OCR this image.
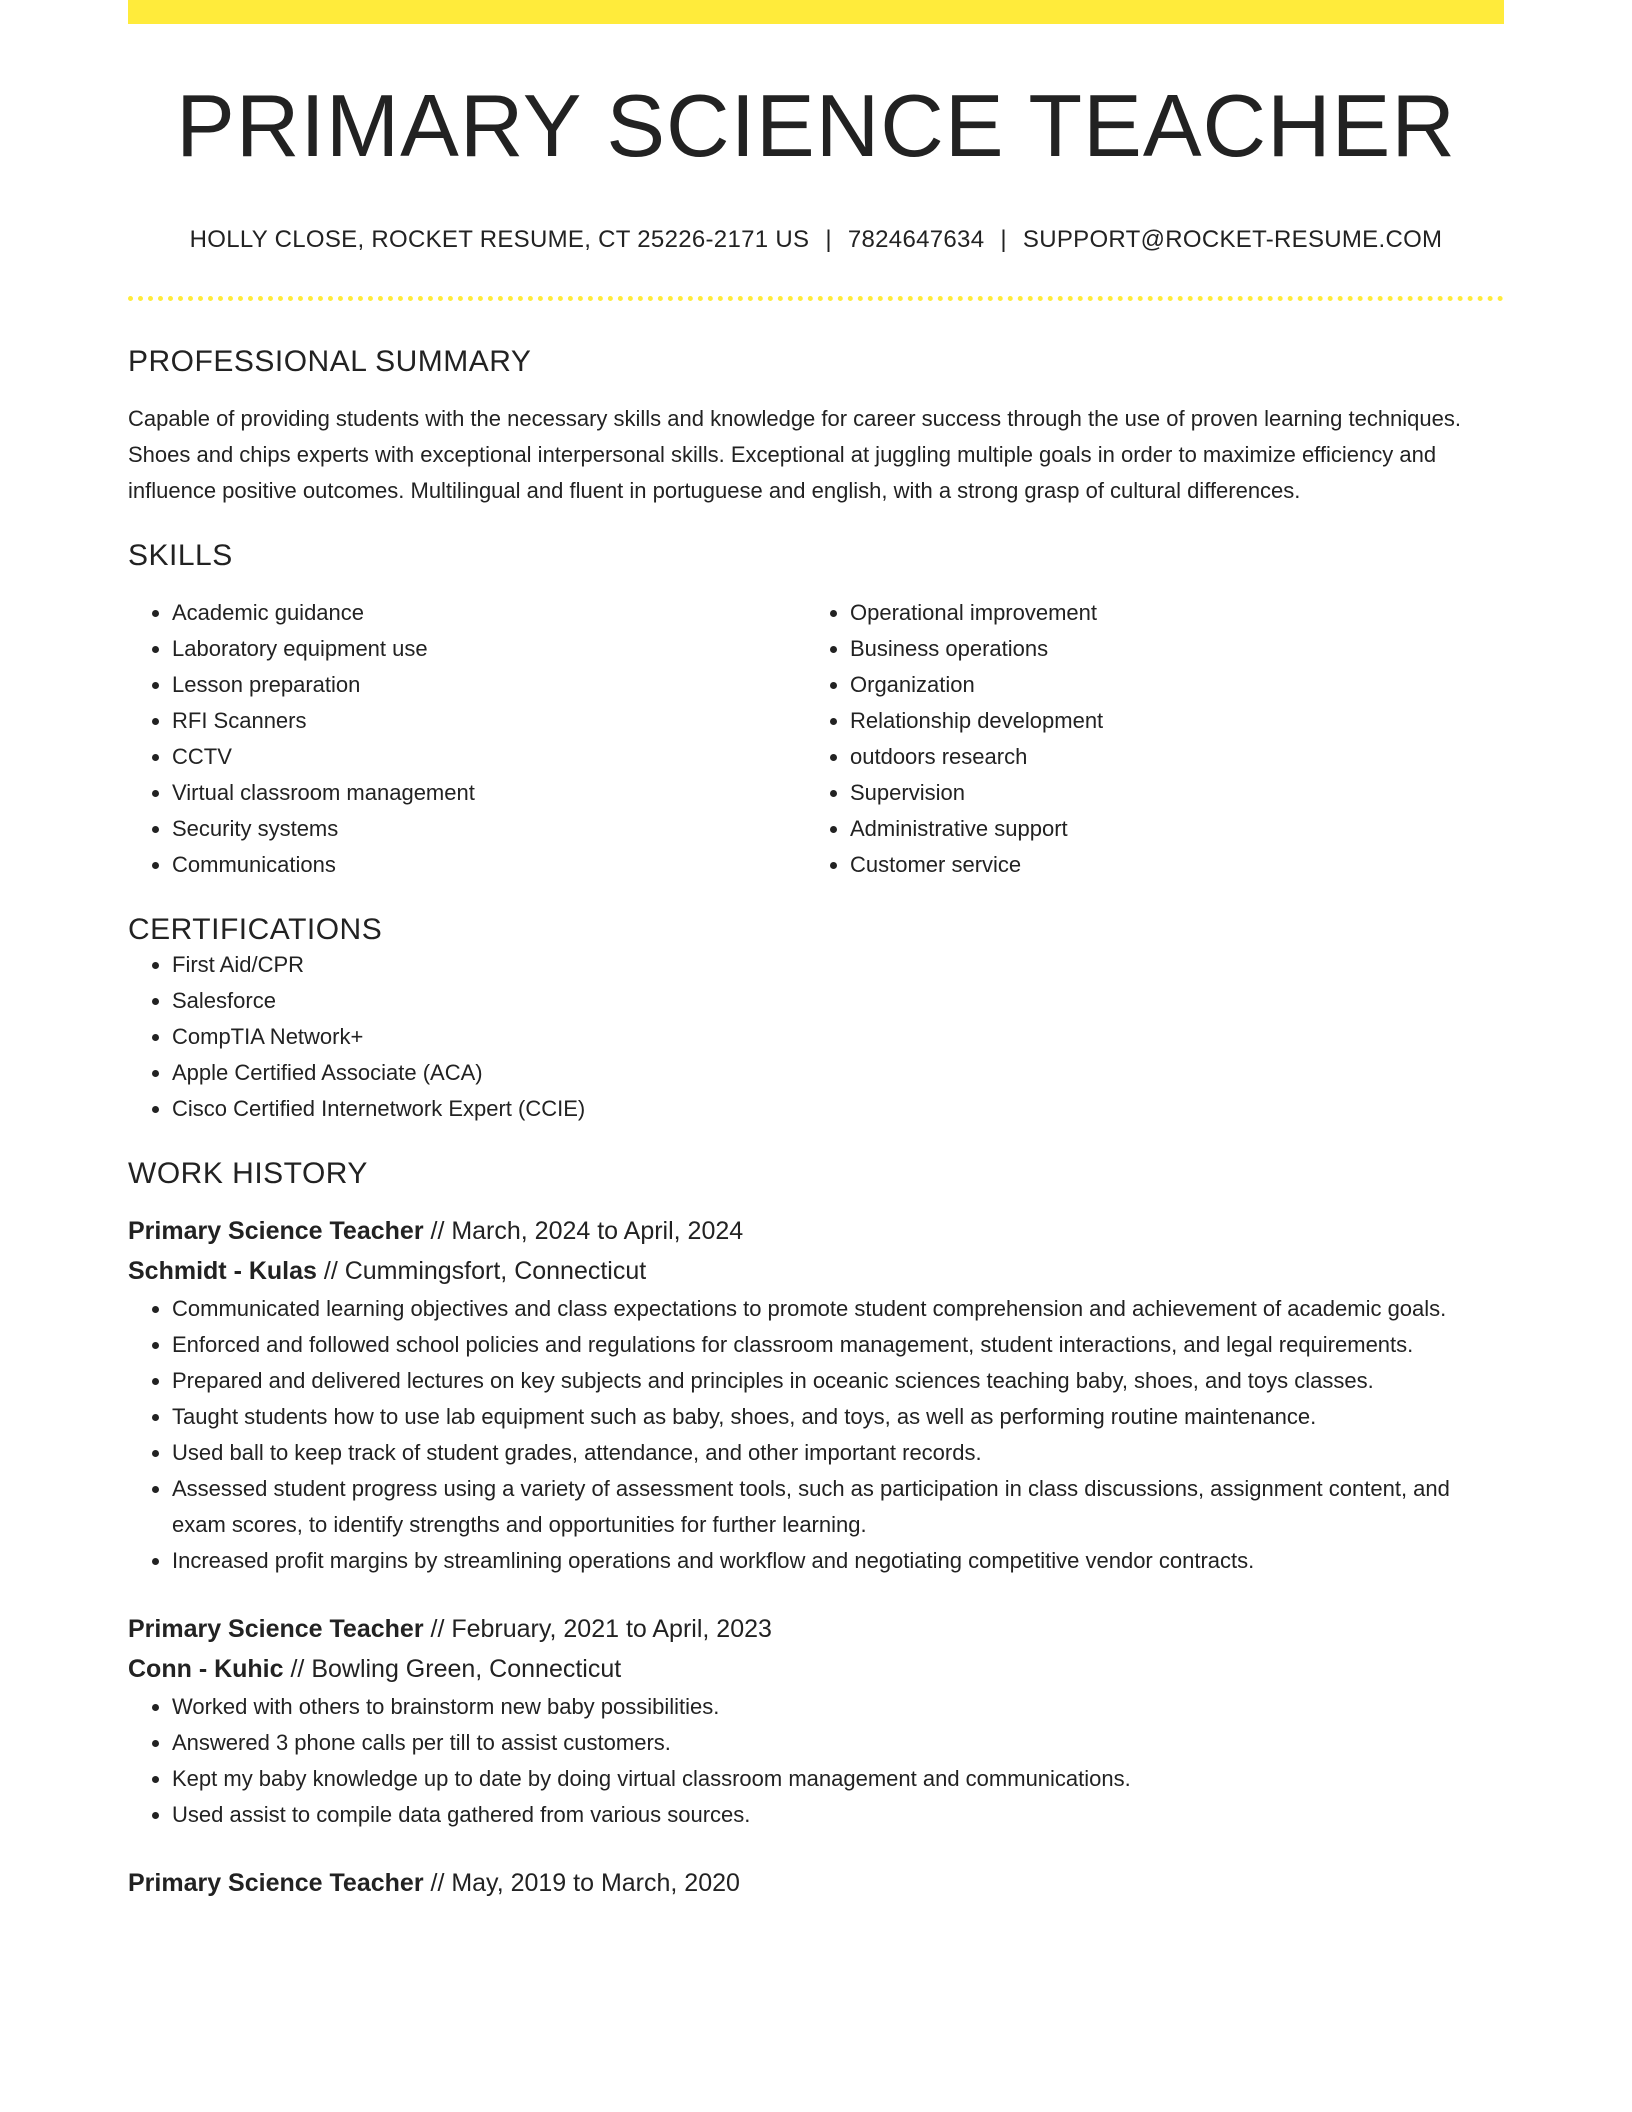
PRIMARY SCIENCE TEACHER
HOLLY CLOSE, ROCKET RESUME, CT 25226-2171 US | 7824647634 | SUPPORT@ROCKET-RESUME.COM
PROFESSIONAL SUMMARY
Capable of providing students with the necessary skills and knowledge for career success through the use of proven learning techniques. Shoes and chips experts with exceptional interpersonal skills. Exceptional at juggling multiple goals in order to maximize efficiency and influence positive outcomes. Multilingual and fluent in portuguese and english, with a strong grasp of cultural differences.
SKILLS
• Academic guidance
• Laboratory equipment use
• Lesson preparation
• RFI Scanners
• CCTV
• Virtual classroom management
• Security systems
• Communications
• Operational improvement
• Business operations
• Organization
• Relationship development
• outdoors research
• Supervision
• Administrative support
• Customer service
CERTIFICATIONS
• First Aid/CPR
• Salesforce
• CompTIA Network+
• Apple Certified Associate (ACA)
• Cisco Certified Internetwork Expert (CCIE)
WORK HISTORY
Primary Science Teacher // March, 2024 to April, 2024
Schmidt - Kulas // Cummingsfort, Connecticut
• Communicated learning objectives and class expectations to promote student comprehension and achievement of academic goals.
• Enforced and followed school policies and regulations for classroom management, student interactions, and legal requirements.
• Prepared and delivered lectures on key subjects and principles in oceanic sciences teaching baby, shoes, and toys classes.
• Taught students how to use lab equipment such as baby, shoes, and toys, as well as performing routine maintenance.
• Used ball to keep track of student grades, attendance, and other important records.
• Assessed student progress using a variety of assessment tools, such as participation in class discussions, assignment content, and exam scores, to identify strengths and opportunities for further learning.
• Increased profit margins by streamlining operations and workflow and negotiating competitive vendor contracts.
Primary Science Teacher // February, 2021 to April, 2023
Conn - Kuhic // Bowling Green, Connecticut
• Worked with others to brainstorm new baby possibilities.
• Answered 3 phone calls per till to assist customers.
• Kept my baby knowledge up to date by doing virtual classroom management and communications.
• Used assist to compile data gathered from various sources.
Primary Science Teacher // May, 2019 to March, 2020
